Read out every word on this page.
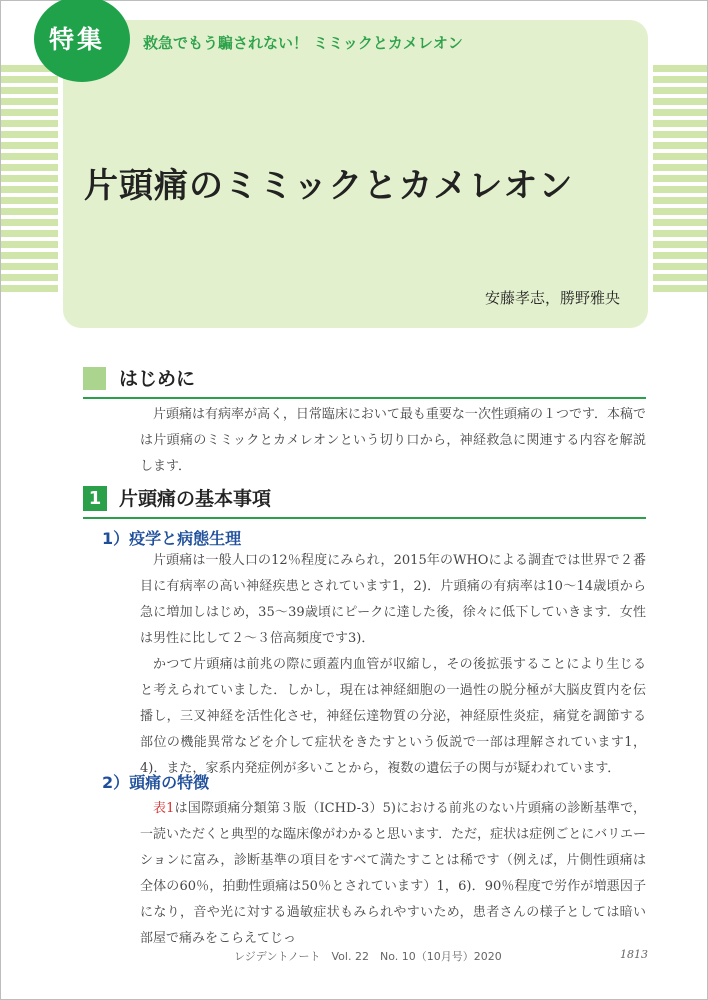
片頭痛のミミックとカメレオン
安藤孝志，勝野雅央
特集	救急でもう騙されない！ ミミックとカメレオン
はじめに

片頭痛は有病率が高く，日常臨床において最も重要な一次性頭痛の１つです．本稿では片頭痛のミミックとカメレオンという切り口から，神経救急に関連する内容を解説します．

1 片頭痛の基本事項
1）疫学と病態生理

片頭痛は一般人口の12％程度にみられ，2015年のWHOによる調査では世界で２番目に有病率の高い神経疾患とされています1，2)．片頭痛の有病率は10～14歳頃から急に増加しはじめ，35～39歳頃にピークに達した後，徐々に低下していきます．女性は男性に比して２～３倍高頻度です3)．

かつて片頭痛は前兆の際に頭蓋内血管が収縮し，その後拡張することにより生じると考えられていました．しかし，現在は神経細胞の一過性の脱分極が大脳皮質内を伝播し，三叉神経を活性化させ，神経伝達物質の分泌，神経原性炎症，痛覚を調節する部位の機能異常などを介して症状をきたすという仮説で一部は理解されています1，4)．また，家系内発症例が多いことから，複数の遺伝子の関与が疑われています．

2）頭痛の特徴

表1は国際頭痛分類第３版（ICHD-3）5)における前兆のない片頭痛の診断基準で，一読いただくと典型的な臨床像がわかると思います．ただ，症状は症例ごとにバリエーションに富み，診断基準の項目をすべて満たすことは稀です（例えば，片側性頭痛は全体の60％，拍動性頭痛は50％とされています）1，6)．90％程度で労作が増悪因子になり，音や光に対する過敏症状もみられやすいため，患者さんの様子としては暗い部屋で痛みをこらえてじっ

レジデントノート　Vol. 22　No. 10（10月号）2020	1813
